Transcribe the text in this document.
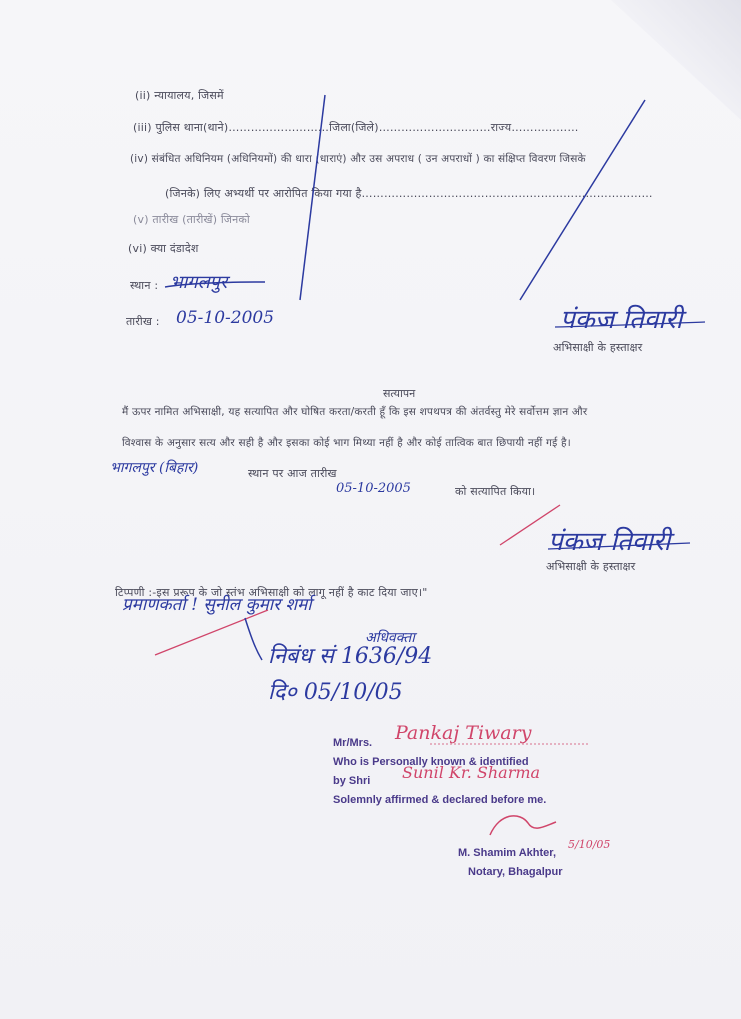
(ii) न्यायालय, जिसमें
(iii) पुलिस थाना(थाने)………………………जिला(जिले)…………………………राज्य………………
(iv) संबंधित अधिनियम (अधिनियमों) की धारा (धाराएं) और उस अपराध ( उन अपराधों ) का संक्षिप्त विवरण जिसके
(जिनके) लिए अभ्यर्थी पर आरोपित किया गया है……………………………………………………………………
(v) तारीख (तारीखें) जिनको
(vi) क्या दंडादेश
स्थान : भागलपुर
तारीख : 05-10-2005	पंकज तिवारी
अभिसाक्षी के हस्ताक्षर
सत्यापन
मैं ऊपर नामित अभिसाक्षी, यह सत्यापित और घोषित करता/करती हूँ कि इस शपथपत्र की अंतर्वस्तु मेरे सर्वोत्तम ज्ञान और
विश्वास के अनुसार सत्य और सही है और इसका कोई भाग मिथ्या नहीं है और कोई तात्विक बात छिपायी नहीं गई है।
भागलपुर (बिहार)	स्थान पर आज तारीख
05-10-2005	को सत्यापित किया।
पंकज तिवारी
अभिसाक्षी के हस्ताक्षर
टिप्पणी :-इस प्ररूप के जो स्तंभ अभिसाक्षी को लागू नहीं है काट दिया जाए।"
प्रमाणकर्ता ! सुनील कुमार शर्मा
अधिवक्ता
निबंध सं 1636/94
दि० 05/10/05
Mr/Mrs. Pankaj Tiwary
Who is Personally known & identified
by Shri Sunil Kr. Sharma
Solemnly affirmed & declared before me.
5/10/05
M. Shamim Akhter,
Notary, Bhagalpur
